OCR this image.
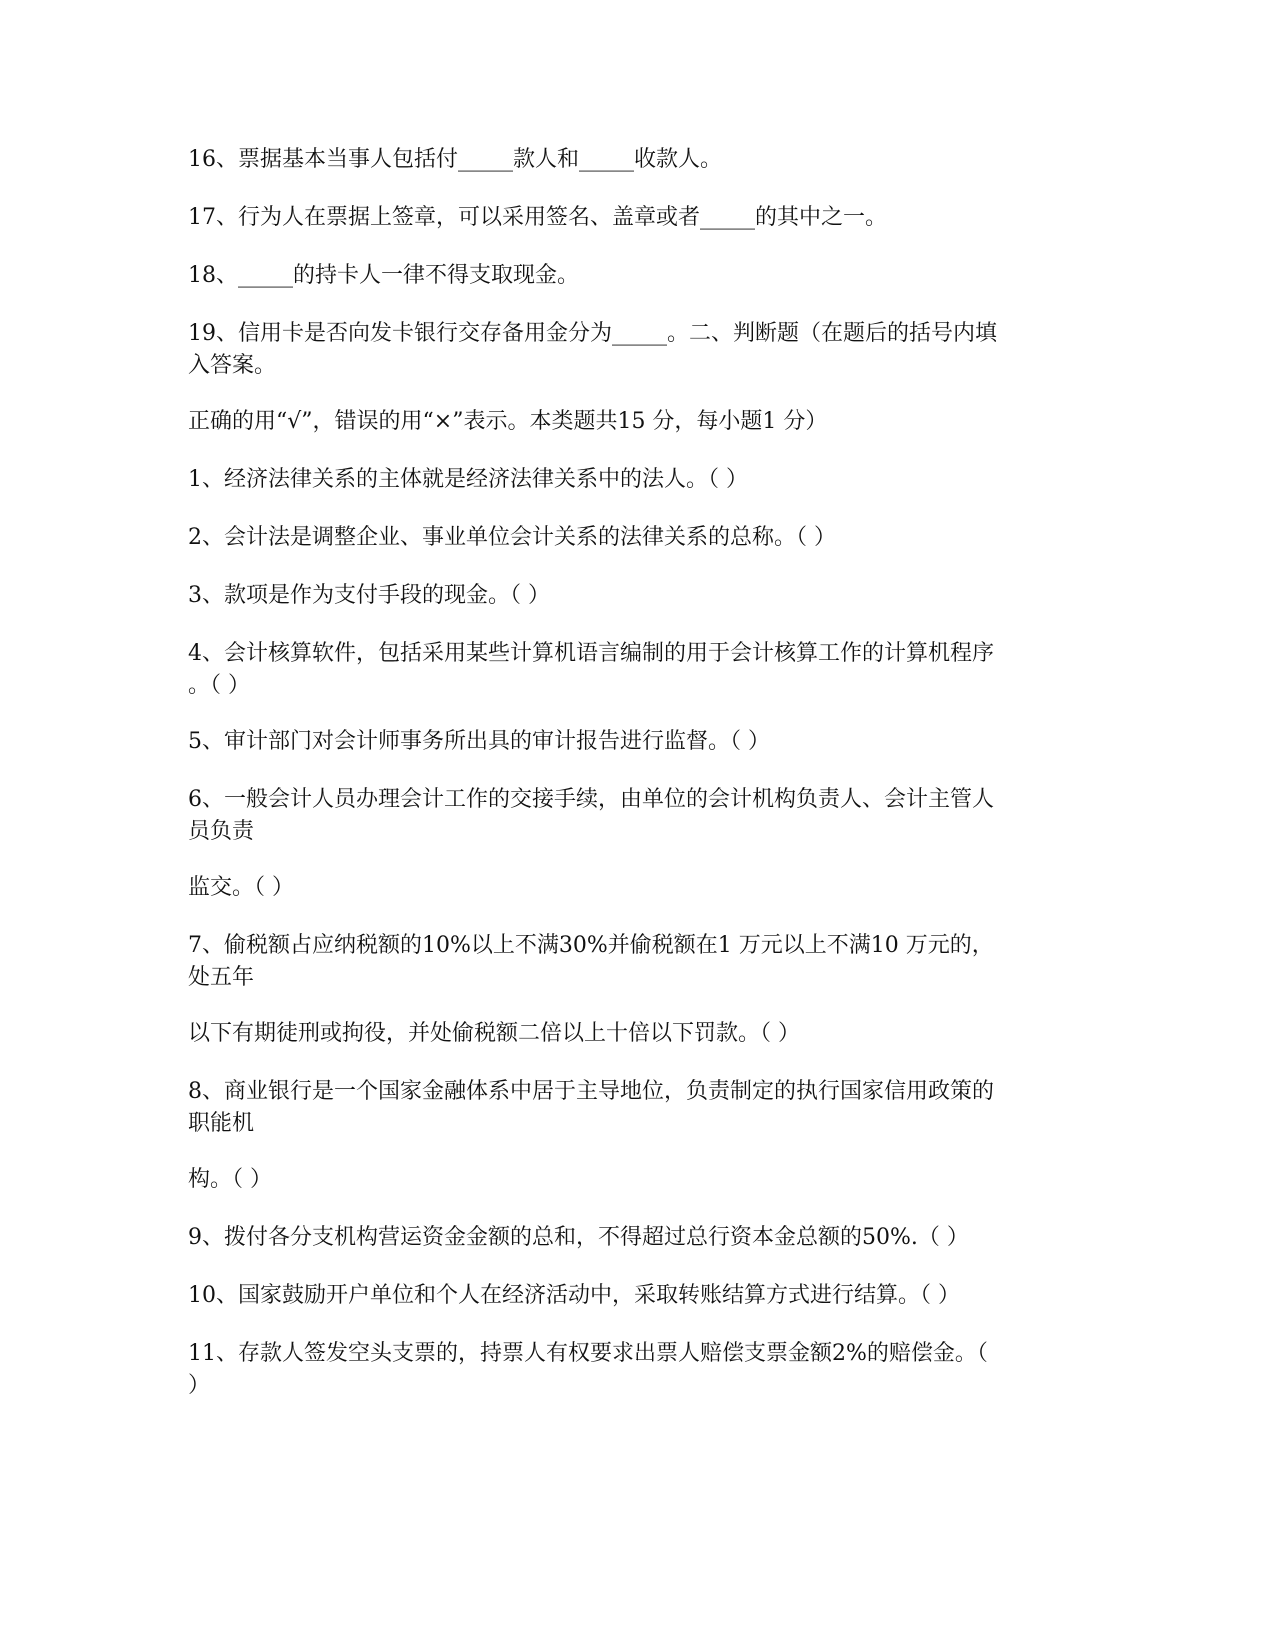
16、票据基本当事人包括付_____款人和_____收款人。

17、行为人在票据上签章，可以采用签名、盖章或者_____的其中之一。

18、_____的持卡人一律不得支取现金。

19、信用卡是否向发卡银行交存备用金分为_____。二、判断题（在题后的括号内填
入答案。

正确的用“√”，错误的用“×”表示。本类题共15 分，每小题1 分）

1、经济法律关系的主体就是经济法律关系中的法人。（ ）

2、会计法是调整企业、事业单位会计关系的法律关系的总称。（ ）

3、款项是作为支付手段的现金。（ ）

4、会计核算软件，包括采用某些计算机语言编制的用于会计核算工作的计算机程序
。（ ）

5、审计部门对会计师事务所出具的审计报告进行监督。（ ）

6、一般会计人员办理会计工作的交接手续，由单位的会计机构负责人、会计主管人
员负责

监交。（ ）

7、偷税额占应纳税额的10%以上不满30%并偷税额在1 万元以上不满10 万元的，
处五年

以下有期徒刑或拘役，并处偷税额二倍以上十倍以下罚款。（ ）

8、商业银行是一个国家金融体系中居于主导地位，负责制定的执行国家信用政策的
职能机

构。（ ）

9、拨付各分支机构营运资金金额的总和，不得超过总行资本金总额的50%.（ ）

10、国家鼓励开户单位和个人在经济活动中，采取转账结算方式进行结算。（ ）

11、存款人签发空头支票的，持票人有权要求出票人赔偿支票金额2%的赔偿金。（
）
